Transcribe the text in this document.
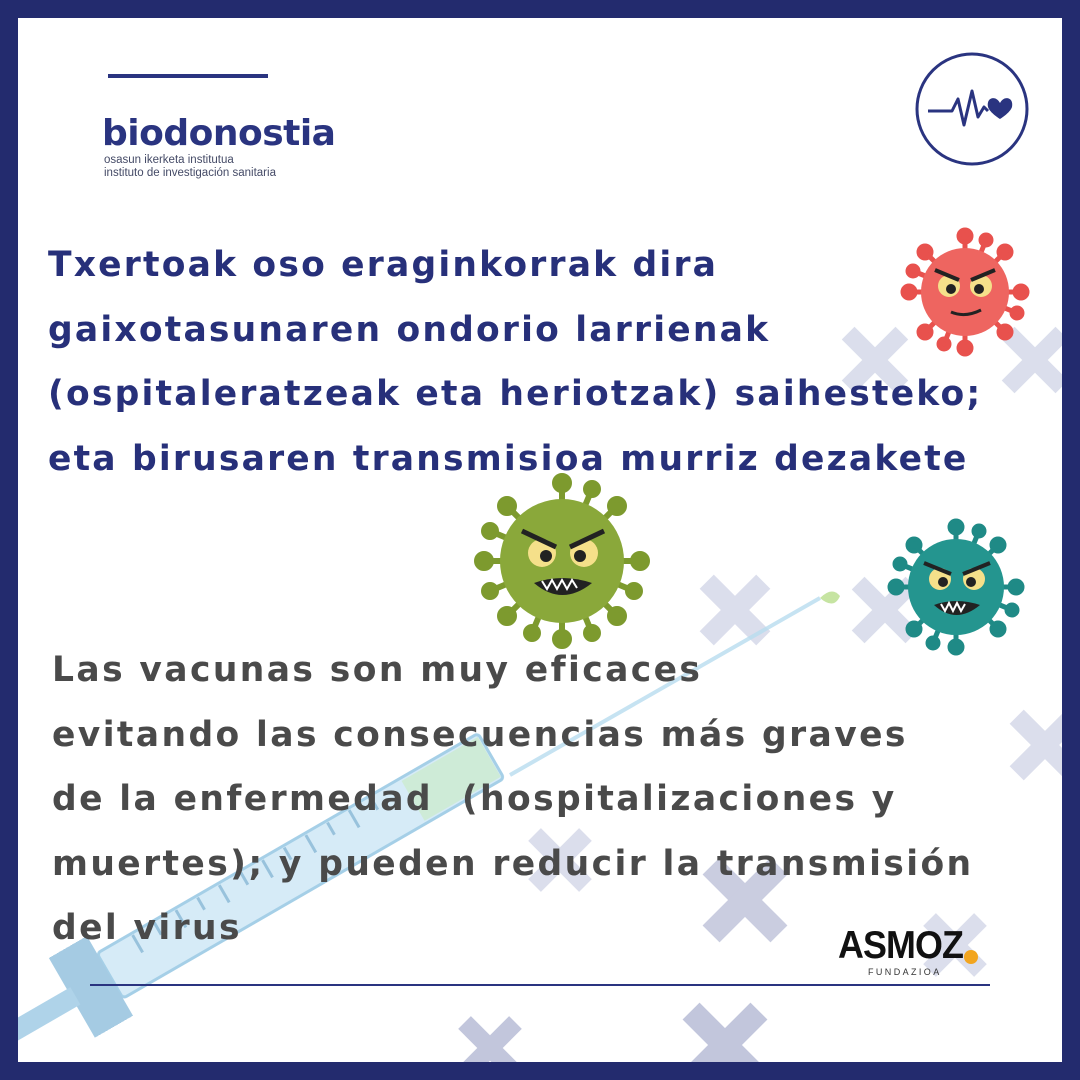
biodonostia
osasun ikerketa institutua
instituto de investigación sanitaria
Txertoak oso eraginkorrak dira
gaixotasunaren ondorio larrienak
(ospitaleratzeak eta heriotzak) saihesteko;
eta birusaren transmisioa murriz dezakete
Las vacunas son muy eficaces
evitando las consecuencias más graves
de la enfermedad  (hospitalizaciones y
muertes); y pueden reducir la transmisión
del virus	ASMOZ
FUNDAZIOA
